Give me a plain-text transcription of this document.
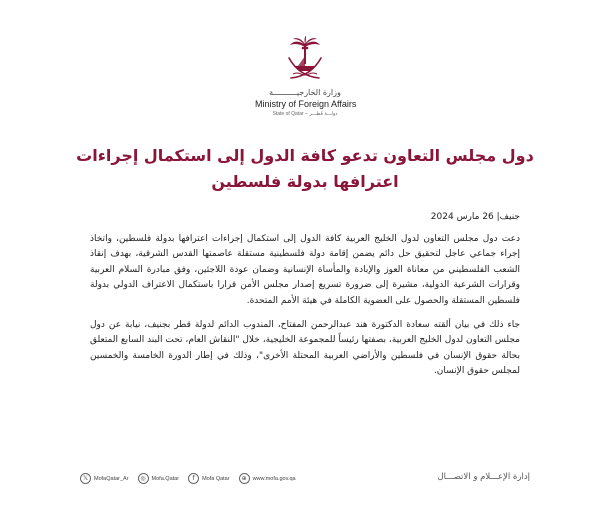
وزارة الخارجيــــــــــة
Ministry of Foreign Affairs
State of Qatar – دولـــة قطـــر
دول مجلس التعاون تدعو كافة الدول إلى استكمال إجراءات
اعترافها بدولة فلسطين
جنيف| 26 مارس 2024

دعت دول مجلس التعاون لدول الخليج العربية كافة الدول إلى استكمال إجراءات اعترافها بدولة فلسطين، واتخاذ إجراء جماعي عاجل لتحقيق حل دائم يضمن إقامة دولة فلسطينية مستقلة عاصمتها القدس الشرقية، بهدف إنقاذ الشعب الفلسطيني من معاناة العوز والإبادة والمأساة الإنسانية وضمان عودة اللاجئين، وفق مبادرة السلام العربية وقرارات الشرعية الدولية، مشيرة إلى ضرورة تسريع إصدار مجلس الأمن قرارا باستكمال الاعتراف الدولي بدولة فلسطين المستقلة والحصول على العضوية الكاملة في هيئة الأمم المتحدة.

جاء ذلك في بيان ألقته سعادة الدكتورة هند عبدالرحمن المفتاح، المندوب الدائم لدولة قطر بجنيف، نيابة عن دول مجلس التعاون لدول الخليج العربية، بصفتها رئيساً للمجموعة الخليجية، خلال "النقاش العام، تحت البند السابع المتعلق بحالة حقوق الإنسان في فلسطين والأراضي العربية المحتلة الأخرى"، وذلك في إطار الدورة الخامسة والخمسين لمجلس حقوق الإنسان.

𝕏	MofaQatar_Ar	◎	Mofa.Qatar	f	Mofa Qatar	⊕	www.mofa.gov.qa	إدارة الإعـــلام و الاتصـــال
